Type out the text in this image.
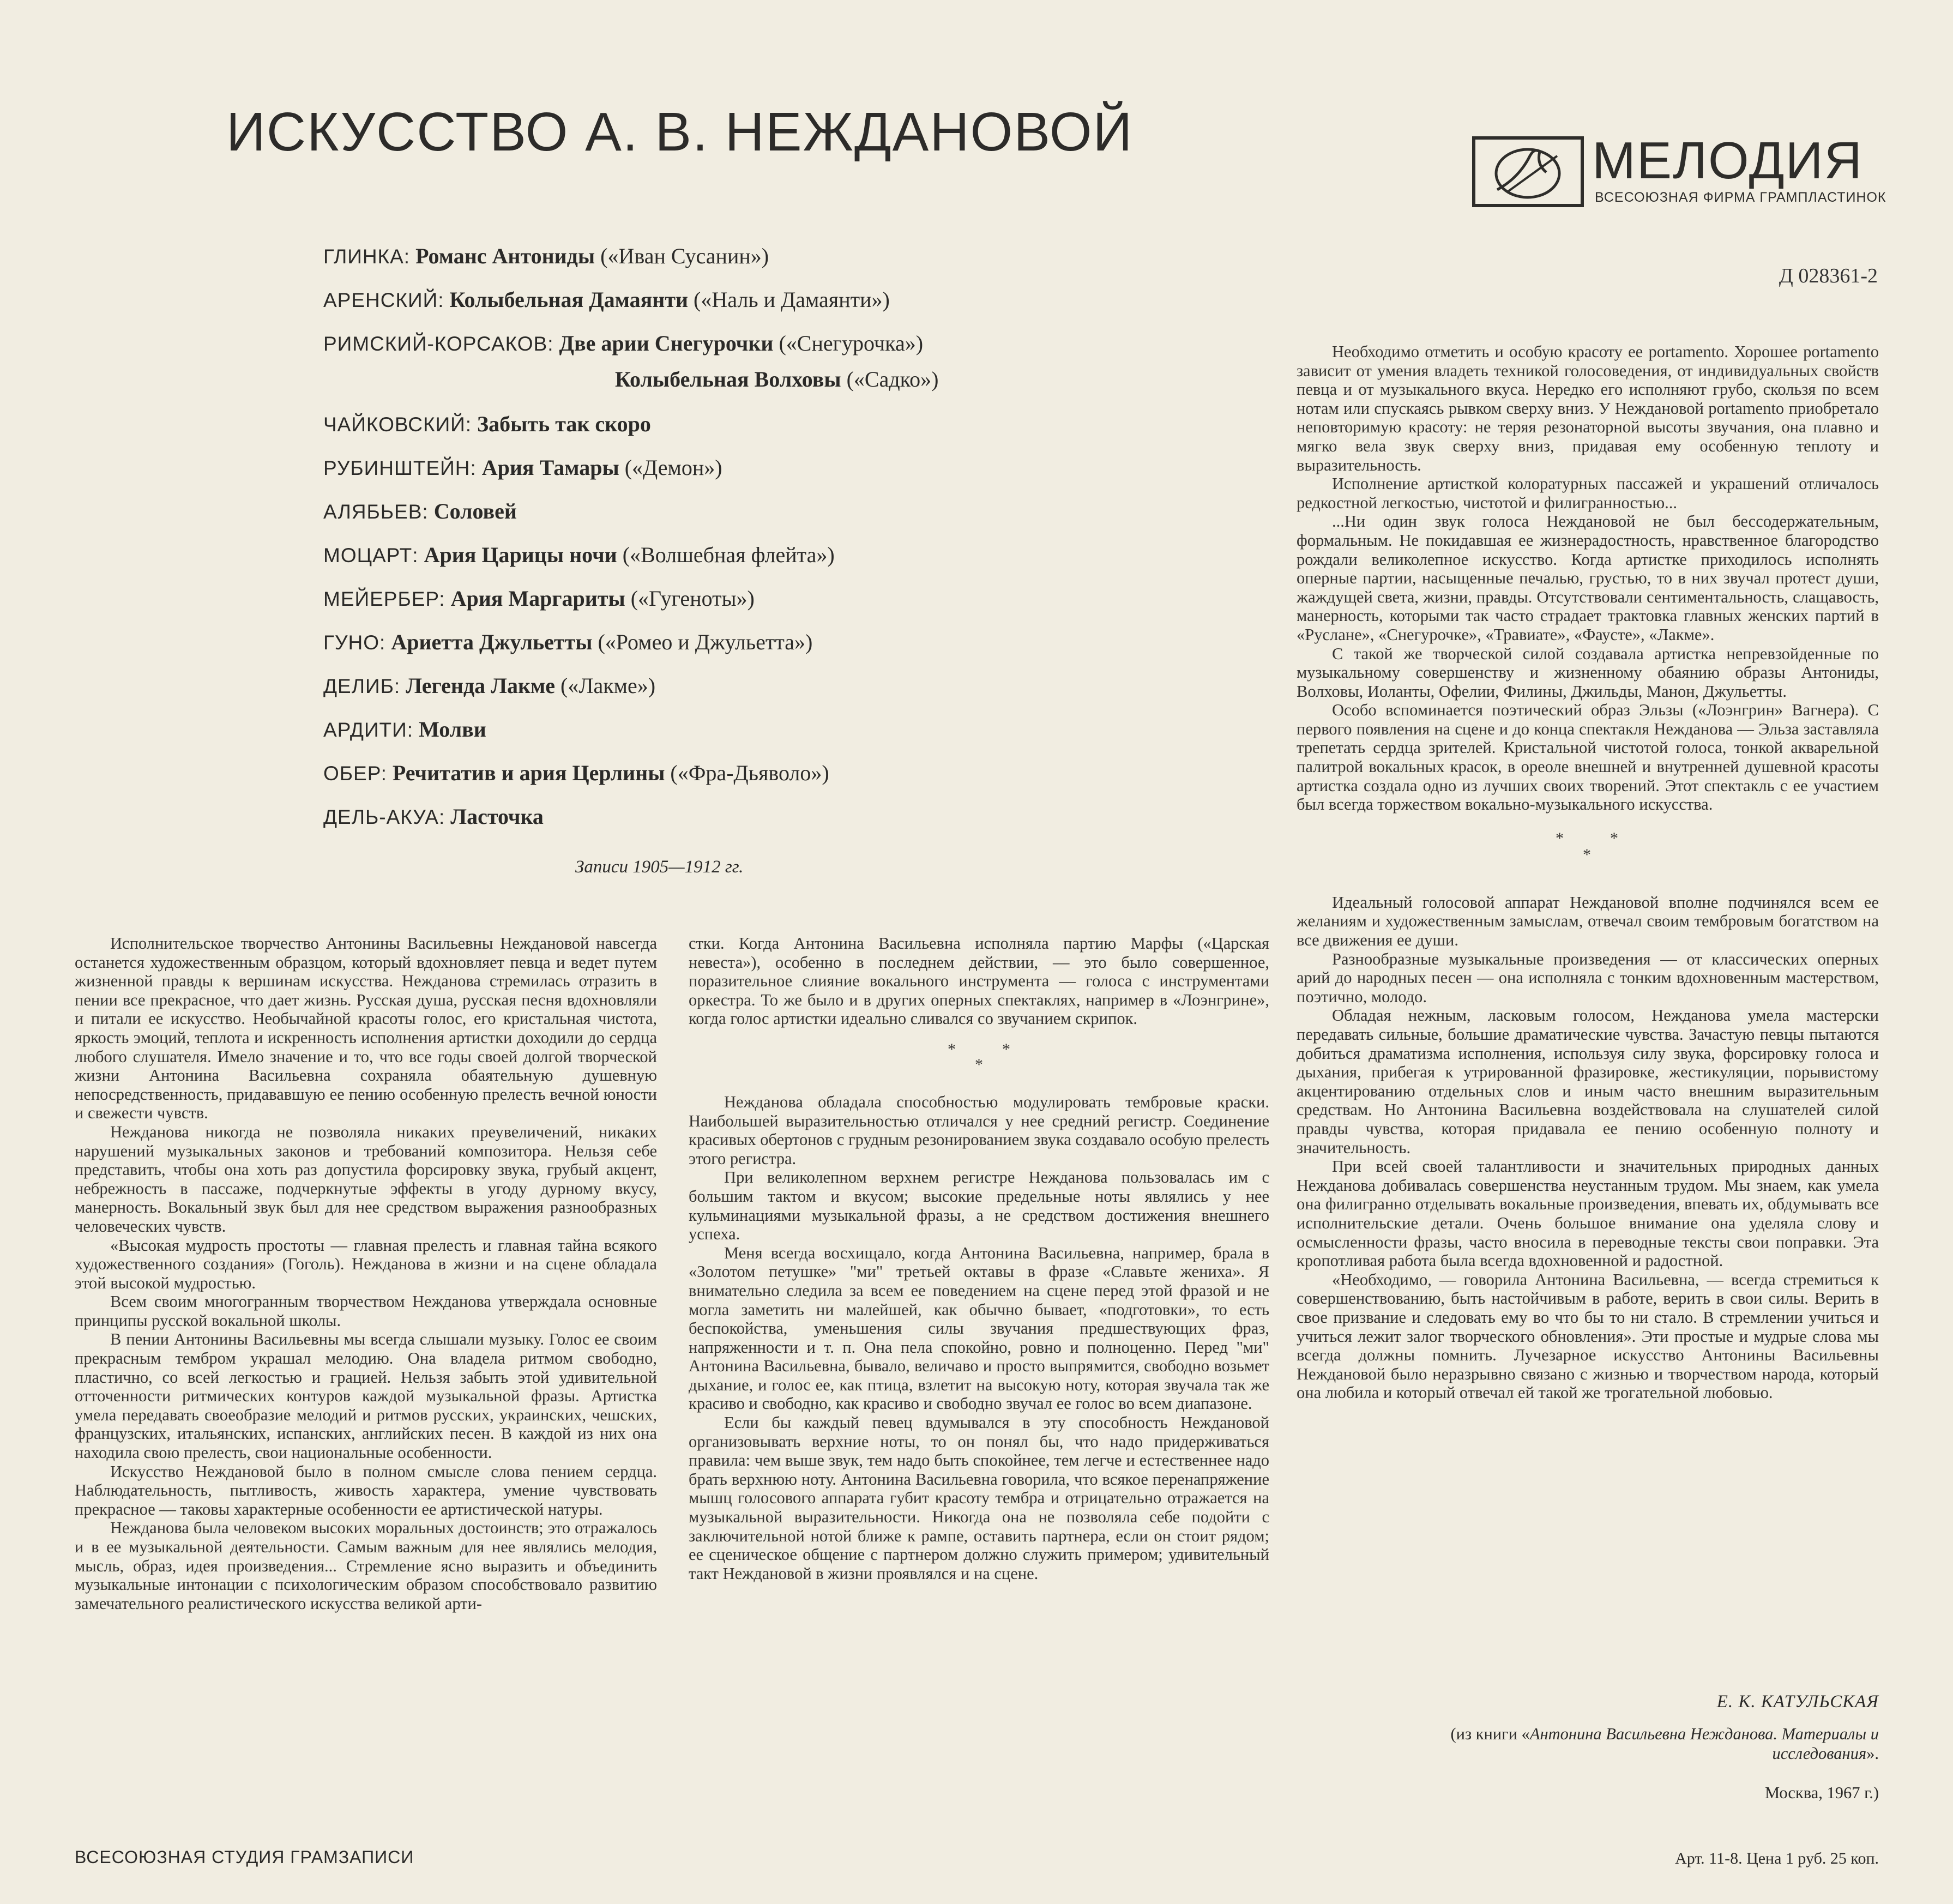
ИСКУССТВО А. В. НЕЖДАНОВОЙ	МЕЛОДИЯ
ВСЕСОЮЗНАЯ ФИРМА ГРАМПЛАСТИНОК
Д 028361-2
ГЛИНКА: Романс Антониды («Иван Сусанин»)
АРЕНСКИЙ: Колыбельная Дамаянти («Наль и Дамаянти»)
РИМСКИЙ-КОРСАКОВ: Две арии Снегурочки («Снегурочка»)
Колыбельная Волховы («Садко»)
ЧАЙКОВСКИЙ: Забыть так скоро
РУБИНШТЕЙН: Ария Тамары («Демон»)
АЛЯБЬЕВ: Соловей
МОЦАРТ: Ария Царицы ночи («Волшебная флейта»)
МЕЙЕРБЕР: Ария Маргариты («Гугеноты»)
ГУНО: Ариетта Джульетты («Ромео и Джульетта»)
ДЕЛИБ: Легенда Лакме («Лакме»)
АРДИТИ: Молви
ОБЕР: Речитатив и ария Церлины («Фра-Дьяволо»)
ДЕЛЬ-АКУА: Ласточка
Записи 1905—1912 гг.

Исполнительское творчество Антонины Васильевны Неждановой навсегда останется художественным образцом, который вдохновляет певца и ведет путем жизненной правды к вершинам искусства. Нежданова стремилась отразить в пении все прекрасное, что дает жизнь. Русская душа, русская песня вдохновляли и питали ее искусство. Необычайной красоты голос, его кристальная чистота, яркость эмоций, теплота и искренность исполнения артистки доходили до сердца любого слушателя. Имело значение и то, что все годы своей долгой творческой жизни Антонина Васильевна сохраняла обаятельную душевную непосредственность, придававшую ее пению особенную прелесть вечной юности и свежести чувств.

Нежданова никогда не позволяла никаких преувеличений, никаких нарушений музыкальных законов и требований композитора. Нельзя себе представить, чтобы она хоть раз допустила форсировку звука, грубый акцент, небрежность в пассаже, подчеркнутые эффекты в угоду дурному вкусу, манерность. Вокальный звук был для нее средством выражения разнообразных человеческих чувств.

«Высокая мудрость простоты — главная прелесть и главная тайна всякого художественного создания» (Гоголь). Нежданова в жизни и на сцене обладала этой высокой мудростью.

Всем своим многогранным творчеством Нежданова утверждала основные принципы русской вокальной школы.

В пении Антонины Васильевны мы всегда слышали музыку. Голос ее своим прекрасным тембром украшал мелодию. Она владела ритмом свободно, пластично, со всей легкостью и грацией. Нельзя забыть этой удивительной отточенности ритмических контуров каждой музыкальной фразы. Артистка умела передавать своеобразие мелодий и ритмов русских, украинских, чешских, французских, итальянских, испанских, английских песен. В каждой из них она находила свою прелесть, свои национальные особенности.

Искусство Неждановой было в полном смысле слова пением сердца. Наблюдательность, пытливость, живость характера, умение чувствовать прекрасное — таковы характерные особенности ее артистической натуры.

Нежданова была человеком высоких моральных достоинств; это отражалось и в ее музыкальной деятельности. Самым важным для нее являлись мелодия, мысль, образ, идея произведения... Стремление ясно выразить и объединить музыкальные интонации с психологическим образом способствовало развитию замечательного реалистического искусства великой арти-

стки. Когда Антонина Васильевна исполняла партию Марфы («Царская невеста»), особенно в последнем действии, — это было совершенное, поразительное слияние вокального инструмента — голоса с инструментами оркестра. То же было и в других оперных спектаклях, например в «Лоэнгрине», когда голос артистки идеально сливался со звучанием скрипок.

*	*
*

Нежданова обладала способностью модулировать тембровые краски. Наибольшей выразительностью отличался у нее средний регистр. Соединение красивых обертонов с грудным резонированием звука создавало особую прелесть этого регистра.

При великолепном верхнем регистре Нежданова пользовалась им с большим тактом и вкусом; высокие предельные ноты являлись у нее кульминациями музыкальной фразы, а не средством достижения внешнего успеха.

Меня всегда восхищало, когда Антонина Васильевна, например, брала в «Золотом петушке» "ми" третьей октавы в фразе «Славьте жениха». Я внимательно следила за всем ее поведением на сцене перед этой фразой и не могла заметить ни малейшей, как обычно бывает, «подготовки», то есть беспокойства, уменьшения силы звучания предшествующих фраз, напряженности и т. п. Она пела спокойно, ровно и полноценно. Перед "ми" Антонина Васильевна, бывало, величаво и просто выпрямится, свободно возьмет дыхание, и голос ее, как птица, взлетит на высокую ноту, которая звучала так же красиво и свободно, как красиво и свободно звучал ее голос во всем диапазоне.

Если бы каждый певец вдумывался в эту способность Неждановой организовывать верхние ноты, то он понял бы, что надо придерживаться правила: чем выше звук, тем надо быть спокойнее, тем легче и естественнее надо брать верхнюю ноту. Антонина Васильевна говорила, что всякое перенапряжение мышц голосового аппарата губит красоту тембра и отрицательно отражается на музыкальной выразительности. Никогда она не позволяла себе подойти с заключительной нотой ближе к рампе, оставить партнера, если он стоит рядом; ее сценическое общение с партнером должно служить примером; удивительный такт Неждановой в жизни проявлялся и на сцене.

Необходимо отметить и особую красоту ее portamento. Хорошее portamento зависит от умения владеть техникой голосоведения, от индивидуальных свойств певца и от музыкального вкуса. Нередко его исполняют грубо, скользя по всем нотам или спускаясь рывком сверху вниз. У Неждановой portamento приобретало неповторимую красоту: не теряя резонаторной высоты звучания, она плавно и мягко вела звук сверху вниз, придавая ему особенную теплоту и выразительность.

Исполнение артисткой колоратурных пассажей и украшений отличалось редкостной легкостью, чистотой и филигранностью...

...Ни один звук голоса Неждановой не был бессодержательным, формальным. Не покидавшая ее жизнерадостность, нравственное благородство рождали великолепное искусство. Когда артистке приходилось исполнять оперные партии, насыщенные печалью, грустью, то в них звучал протест души, жаждущей света, жизни, правды. Отсутствовали сентиментальность, слащавость, манерность, которыми так часто страдает трактовка главных женских партий в «Руслане», «Снегурочке», «Травиате», «Фаусте», «Лакме».

С такой же творческой силой создавала артистка непревзойденные по музыкальному совершенству и жизненному обаянию образы Антониды, Волховы, Иоланты, Офелии, Филины, Джильды, Манон, Джульетты.

Особо вспоминается поэтический образ Эльзы («Лоэнгрин» Вагнера). С первого появления на сцене и до конца спектакля Нежданова — Эльза заставляла трепетать сердца зрителей. Кристальной чистотой голоса, тонкой акварельной палитрой вокальных красок, в ореоле внешней и внутренней душевной красоты артистка создала одно из лучших своих творений. Этот спектакль с ее участием был всегда торжеством вокально-музыкального искусства.

*	*
*

Идеальный голосовой аппарат Неждановой вполне подчинялся всем ее желаниям и художественным замыслам, отвечал своим тембровым богатством на все движения ее души.

Разнообразные музыкальные произведения — от классических оперных арий до народных песен — она исполняла с тонким вдохновенным мастерством, поэтично, молодо.

Обладая нежным, ласковым голосом, Нежданова умела мастерски передавать сильные, большие драматические чувства. Зачастую певцы пытаются добиться драматизма исполнения, используя силу звука, форсировку голоса и дыхания, прибегая к утрированной фразировке, жестикуляции, порывистому акцентированию отдельных слов и иным часто внешним выразительным средствам. Но Антонина Васильевна воздействовала на слушателей силой правды чувства, которая придавала ее пению особенную полноту и значительность.

При всей своей талантливости и значительных природных данных Нежданова добивалась совершенства неустанным трудом. Мы знаем, как умела она филигранно отделывать вокальные произведения, впевать их, обдумывать все исполнительские детали. Очень большое внимание она уделяла слову и осмысленности фразы, часто вносила в переводные тексты свои поправки. Эта кропотливая работа была всегда вдохновенной и радостной.

«Необходимо, — говорила Антонина Васильевна, — всегда стремиться к совершенствованию, быть настойчивым в работе, верить в свои силы. Верить в свое призвание и следовать ему во что бы то ни стало. В стремлении учиться и учиться лежит залог творческого обновления». Эти простые и мудрые слова мы всегда должны помнить. Лучезарное искусство Антонины Васильевны Неждановой было неразрывно связано с жизнью и творчеством народа, который она любила и который отвечал ей такой же трогательной любовью.

Е. К. КАТУЛЬСКАЯ
(из книги «Антонина Васильевна Нежданова. Материалы и исследования».

Москва, 1967 г.)
ВСЕСОЮЗНАЯ СТУДИЯ ГРАМЗАПИСИ	Арт. 11-8. Цена 1 руб. 25 коп.
